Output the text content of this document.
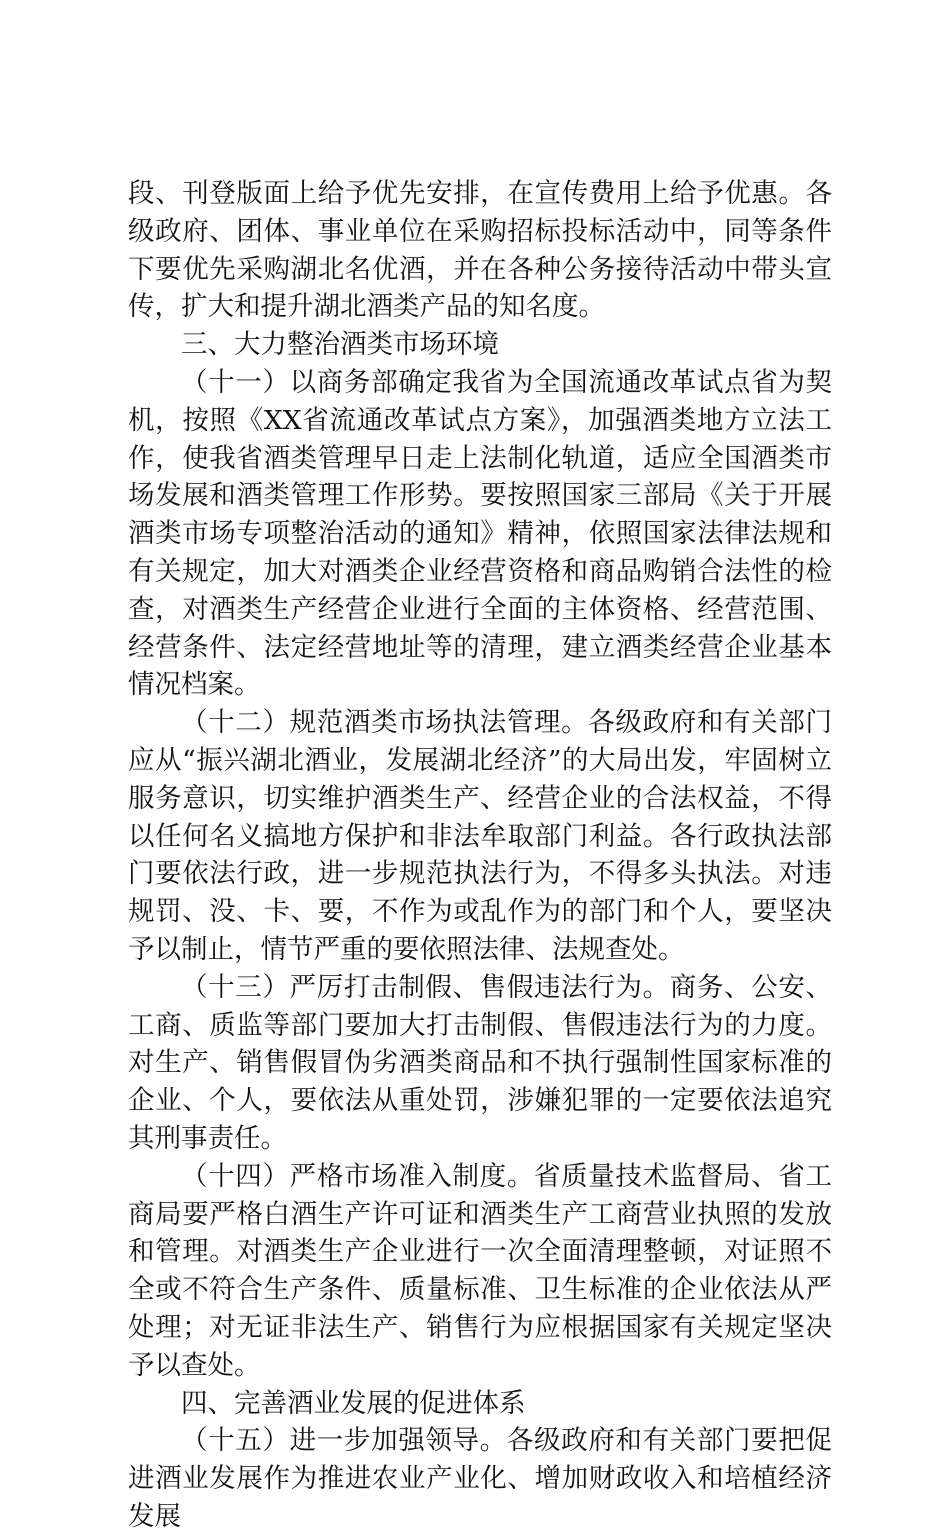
段、刊登版面上给予优先安排，在宣传费用上给予优惠。各级政府、团体、事业单位在采购招标投标活动中，同等条件下要优先采购湖北名优酒，并在各种公务接待活动中带头宣传，扩大和提升湖北酒类产品的知名度。

三、大力整治酒类市场环境

（十一）以商务部确定我省为全国流通改革试点省为契机，按照《XX省流通改革试点方案》，加强酒类地方立法工作，使我省酒类管理早日走上法制化轨道，适应全国酒类市场发展和酒类管理工作形势。要按照国家三部局《关于开展酒类市场专项整治活动的通知》精神，依照国家法律法规和有关规定，加大对酒类企业经营资格和商品购销合法性的检查，对酒类生产经营企业进行全面的主体资格、经营范围、经营条件、法定经营地址等的清理，建立酒类经营企业基本情况档案。

（十二）规范酒类市场执法管理。各级政府和有关部门应从“振兴湖北酒业，发展湖北经济”的大局出发，牢固树立服务意识，切实维护酒类生产、经营企业的合法权益，不得以任何名义搞地方保护和非法牟取部门利益。各行政执法部门要依法行政，进一步规范执法行为，不得多头执法。对违规罚、没、卡、要，不作为或乱作为的部门和个人，要坚决予以制止，情节严重的要依照法律、法规查处。

（十三）严厉打击制假、售假违法行为。商务、公安、工商、质监等部门要加大打击制假、售假违法行为的力度。对生产、销售假冒伪劣酒类商品和不执行强制性国家标准的企业、个人，要依法从重处罚，涉嫌犯罪的一定要依法追究其刑事责任。

（十四）严格市场准入制度。省质量技术监督局、省工商局要严格白酒生产许可证和酒类生产工商营业执照的发放和管理。对酒类生产企业进行一次全面清理整顿，对证照不全或不符合生产条件、质量标准、卫生标准的企业依法从严处理；对无证非法生产、销售行为应根据国家有关规定坚决予以查处。

四、完善酒业发展的促进体系

（十五）进一步加强领导。各级政府和有关部门要把促进酒业发展作为推进农业产业化、增加财政收入和培植经济发展
